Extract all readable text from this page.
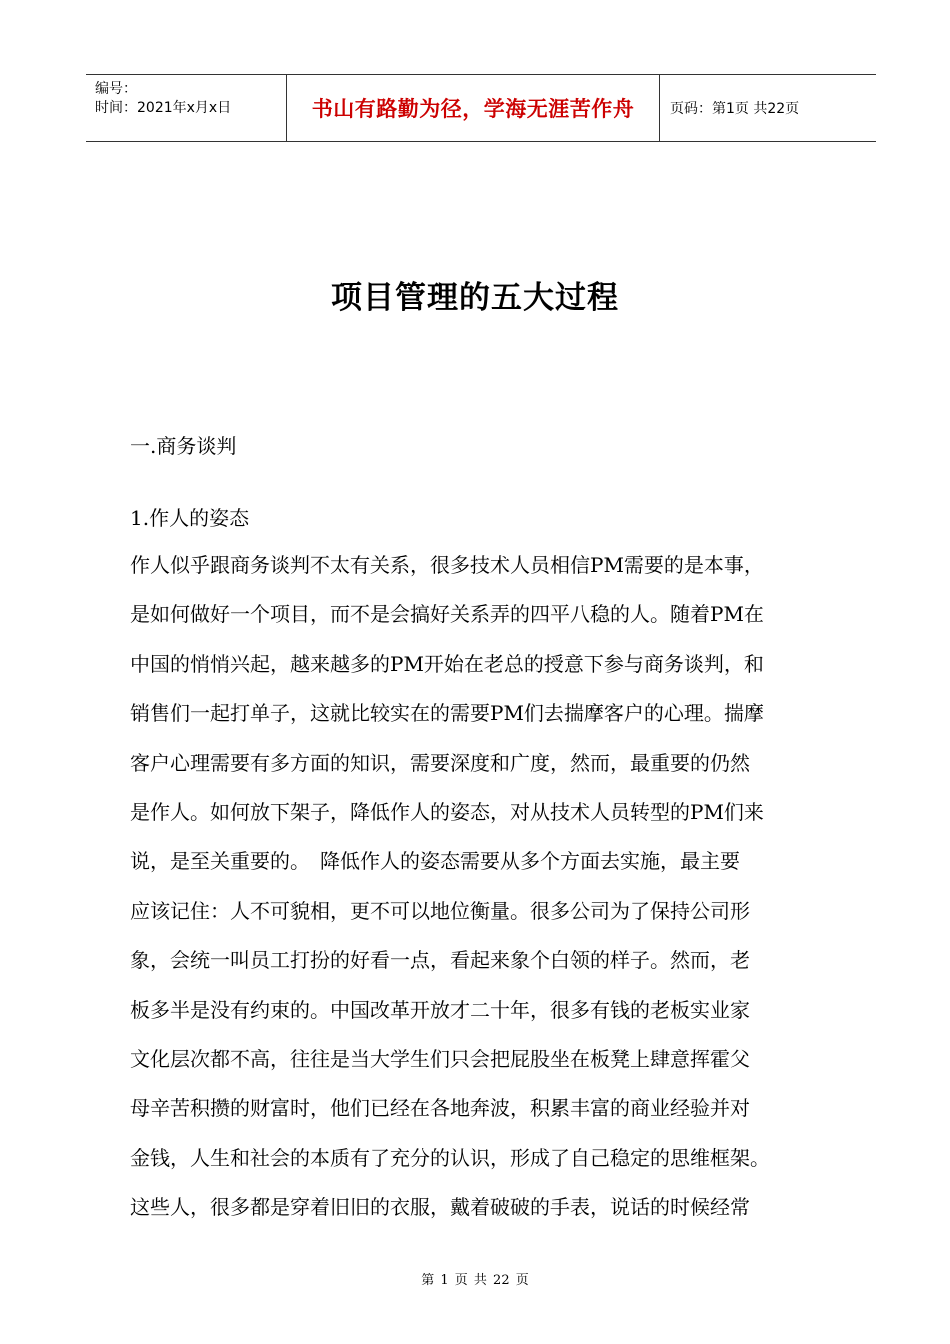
编号：
时间：2021年x月x日	书山有路勤为径，学海无涯苦作舟	页码：第1页 共22页
项目管理的五大过程
一.商务谈判
1.作人的姿态
作人似乎跟商务谈判不太有关系，很多技术人员相信PM需要的是本事，
是如何做好一个项目，而不是会搞好关系弄的四平八稳的人。随着PM在
中国的悄悄兴起，越来越多的PM开始在老总的授意下参与商务谈判，和
销售们一起打单子，这就比较实在的需要PM们去揣摩客户的心理。揣摩
客户心理需要有多方面的知识，需要深度和广度，然而，最重要的仍然
是作人。如何放下架子，降低作人的姿态，对从技术人员转型的PM们来
说，是至关重要的。　降低作人的姿态需要从多个方面去实施，最主要
应该记住：人不可貌相，更不可以地位衡量。很多公司为了保持公司形
象，会统一叫员工打扮的好看一点，看起来象个白领的样子。然而，老
板多半是没有约束的。中国改革开放才二十年，很多有钱的老板实业家
文化层次都不高，往往是当大学生们只会把屁股坐在板凳上肆意挥霍父
母辛苦积攒的财富时，他们已经在各地奔波，积累丰富的商业经验并对
金钱，人生和社会的本质有了充分的认识，形成了自己稳定的思维框架。
这些人，很多都是穿着旧旧的衣服，戴着破破的手表，说话的时候经常
第 1 页 共 22 页
